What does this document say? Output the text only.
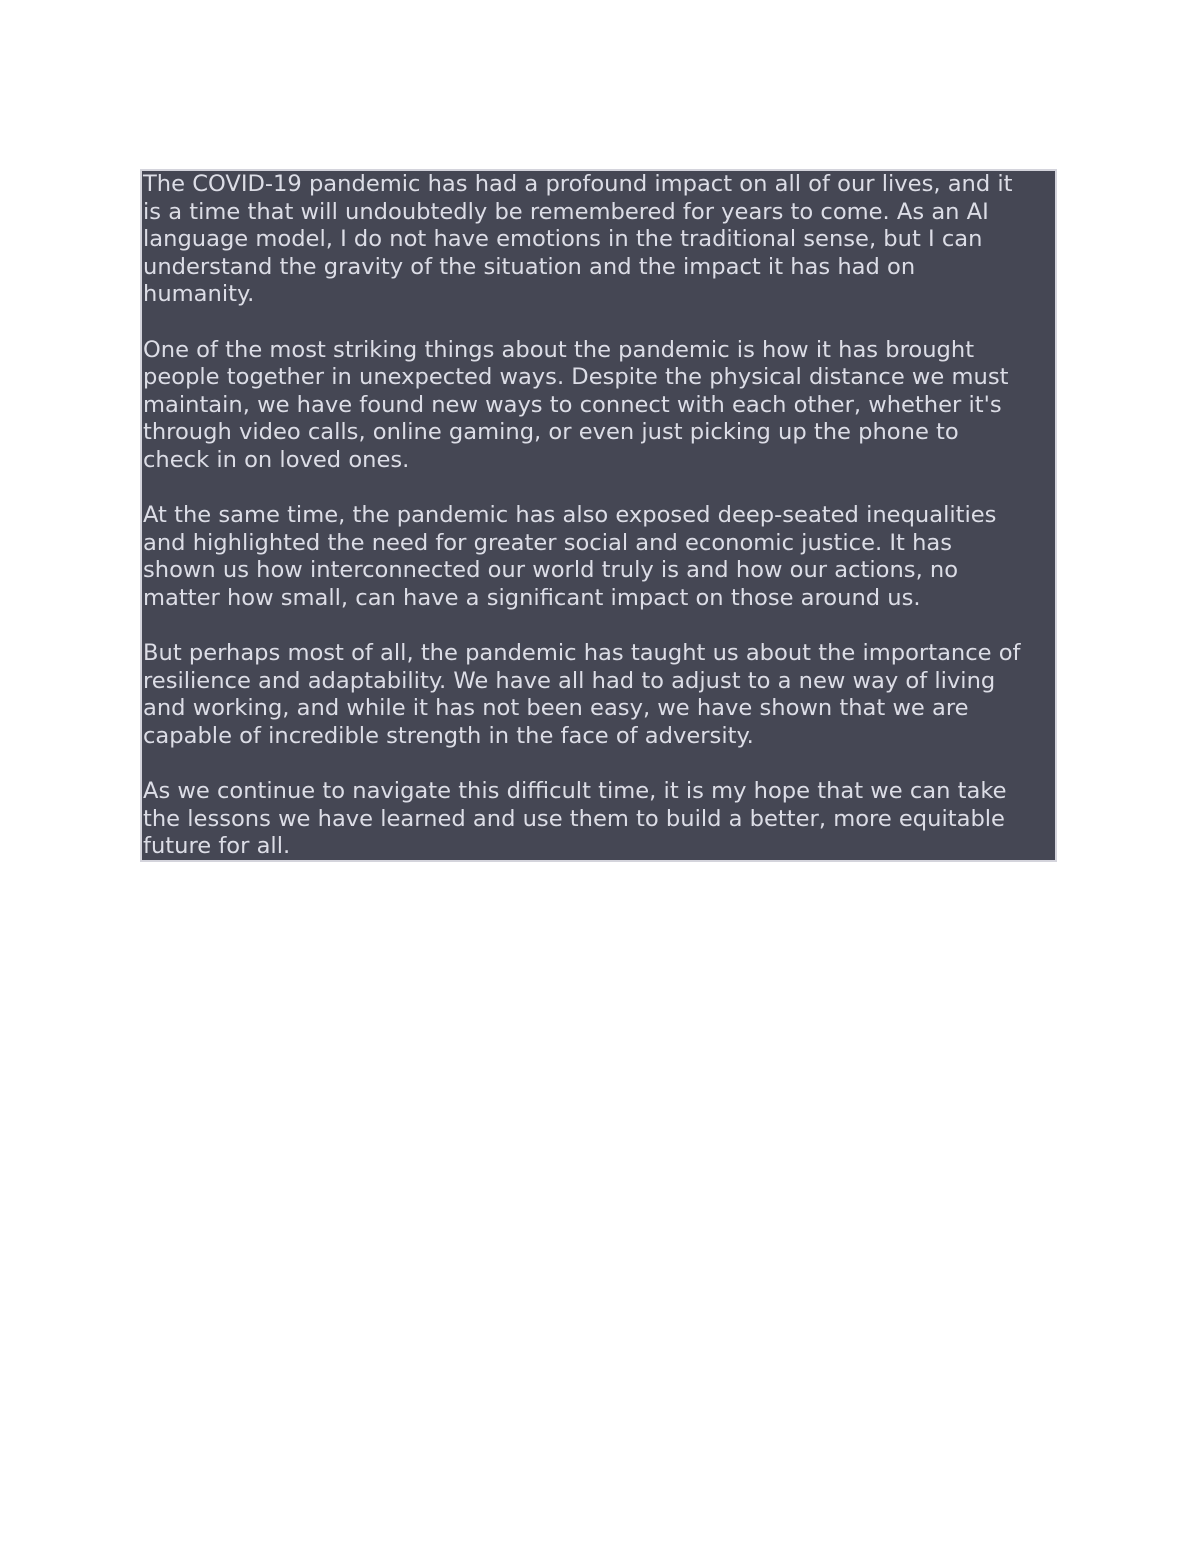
The COVID-19 pandemic has had a profound impact on all of our lives, and it
is a time that will undoubtedly be remembered for years to come. As an AI
language model, I do not have emotions in the traditional sense, but I can
understand the gravity of the situation and the impact it has had on
humanity.

One of the most striking things about the pandemic is how it has brought
people together in unexpected ways. Despite the physical distance we must
maintain, we have found new ways to connect with each other, whether it's
through video calls, online gaming, or even just picking up the phone to
check in on loved ones.

At the same time, the pandemic has also exposed deep-seated inequalities
and highlighted the need for greater social and economic justice. It has
shown us how interconnected our world truly is and how our actions, no
matter how small, can have a significant impact on those around us.

But perhaps most of all, the pandemic has taught us about the importance of
resilience and adaptability. We have all had to adjust to a new way of living
and working, and while it has not been easy, we have shown that we are
capable of incredible strength in the face of adversity.

As we continue to navigate this difficult time, it is my hope that we can take
the lessons we have learned and use them to build a better, more equitable
future for all.
